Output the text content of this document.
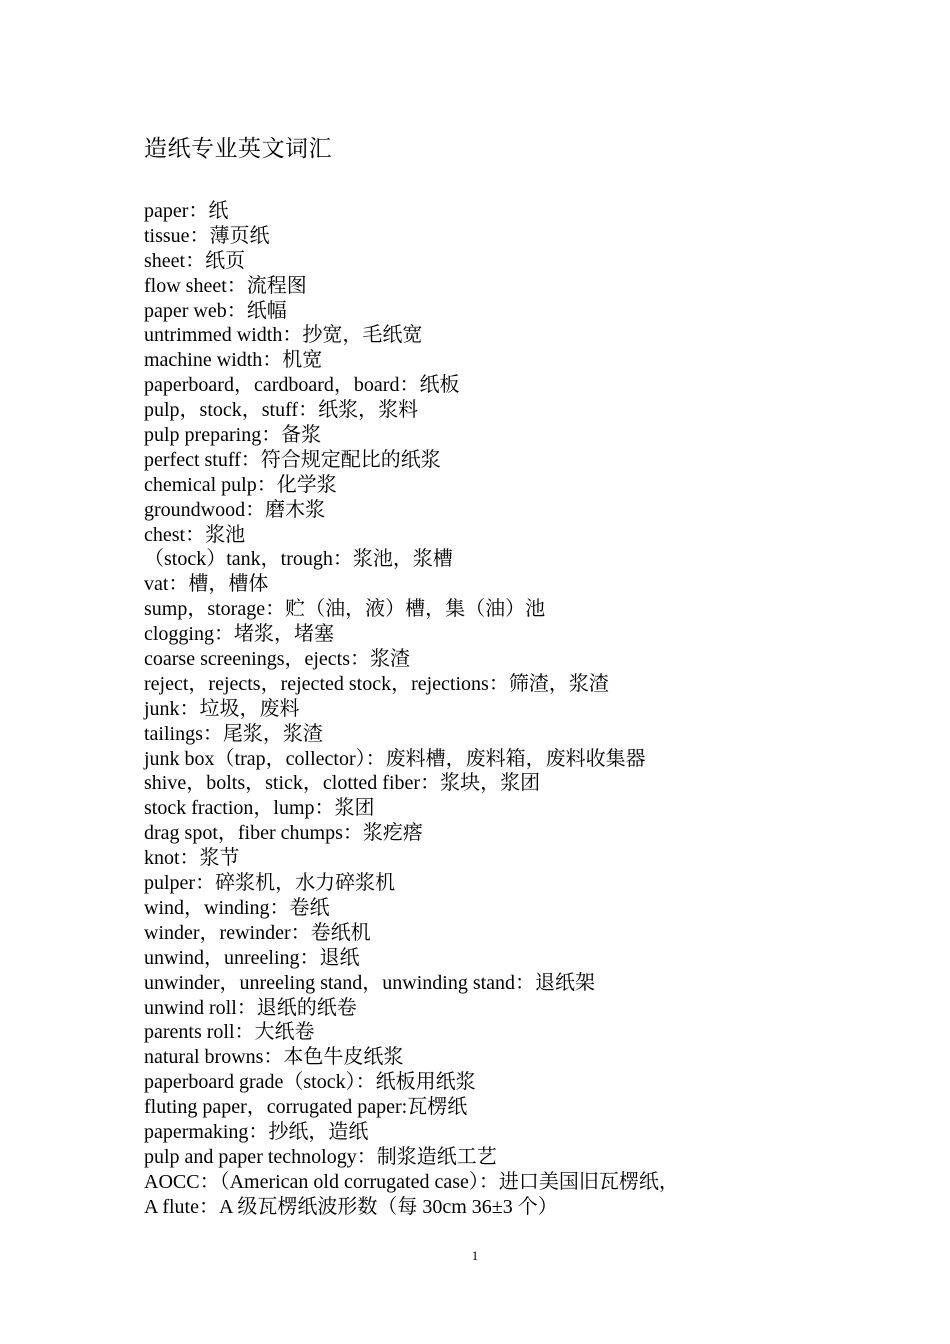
造纸专业英文词汇
paper：纸
tissue：薄页纸
sheet：纸页
flow sheet：流程图
paper web：纸幅
untrimmed width：抄宽，毛纸宽
machine width：机宽
paperboard，cardboard，board：纸板
pulp，stock，stuff：纸浆，浆料
pulp preparing：备浆
perfect stuff：符合规定配比的纸浆
chemical pulp：化学浆
groundwood：磨木浆
chest：浆池
（stock）tank，trough：浆池，浆槽
vat：槽，槽体
sump，storage：贮（油，液）槽，集（油）池
clogging：堵浆，堵塞
coarse screenings，ejects：浆渣
reject，rejects，rejected stock，rejections：筛渣，浆渣
junk：垃圾，废料
tailings：尾浆，浆渣
junk box（trap，collector）：废料槽，废料箱，废料收集器
shive，bolts，stick，clotted fiber：浆块，浆团
stock fraction，lump：浆团
drag spot，fiber chumps：浆疙瘩
knot：浆节
pulper：碎浆机，水力碎浆机
wind，winding：卷纸
winder，rewinder：卷纸机
unwind，unreeling：退纸
unwinder，unreeling stand，unwinding stand：退纸架
unwind roll：退纸的纸卷
parents roll：大纸卷
natural browns：本色牛皮纸浆
paperboard grade（stock）：纸板用纸浆
fluting paper，corrugated paper:瓦楞纸
papermaking：抄纸，造纸
pulp and paper technology：制浆造纸工艺
AOCC：（American old corrugated case）：进口美国旧瓦楞纸，
A flute：A 级瓦楞纸波形数（每 30cm 36±3 个）
1
